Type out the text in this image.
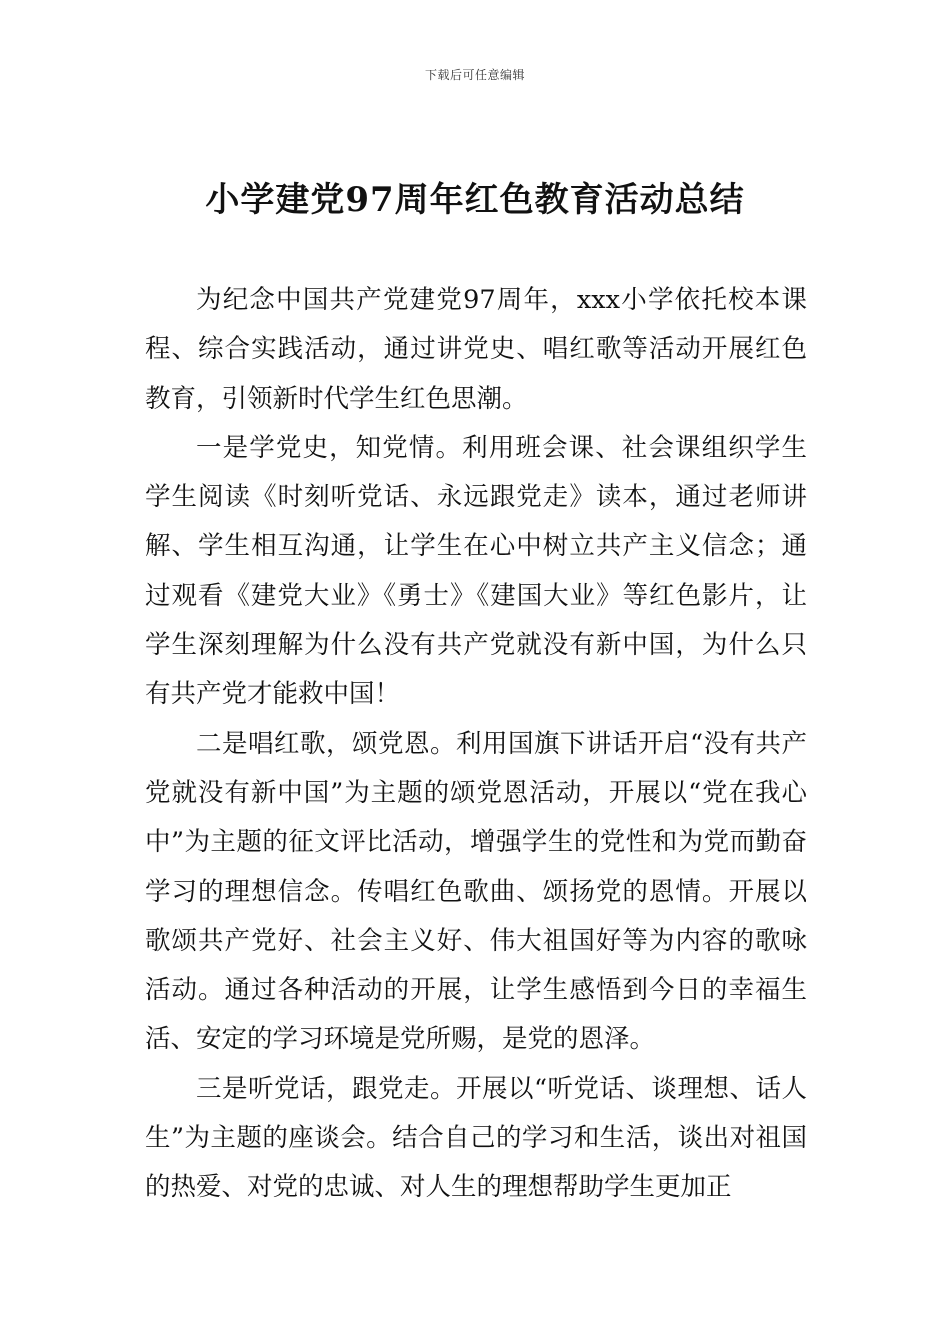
下载后可任意编辑
小学建党97周年红色教育活动总结

为纪念中国共产党建党97周年，xxx小学依托校本课程、综合实践活动，通过讲党史、唱红歌等活动开展红色教育，引领新时代学生红色思潮。

一是学党史，知党情。利用班会课、社会课组织学生学生阅读《时刻听党话、永远跟党走》读本，通过老师讲解、学生相互沟通，让学生在心中树立共产主义信念；通过观看《建党大业》《勇士》《建国大业》等红色影片，让学生深刻理解为什么没有共产党就没有新中国，为什么只有共产党才能救中国！

二是唱红歌，颂党恩。利用国旗下讲话开启“没有共产党就没有新中国”为主题的颂党恩活动，开展以“党在我心中”为主题的征文评比活动，增强学生的党性和为党而勤奋学习的理想信念。传唱红色歌曲、颂扬党的恩情。开展以歌颂共产党好、社会主义好、伟大祖国好等为内容的歌咏活动。通过各种活动的开展，让学生感悟到今日的幸福生活、安定的学习环境是党所赐，是党的恩泽。

三是听党话，跟党走。开展以“听党话、谈理想、话人生”为主题的座谈会。结合自己的学习和生活，谈出对祖国的热爱、对党的忠诚、对人生的理想帮助学生更加正
